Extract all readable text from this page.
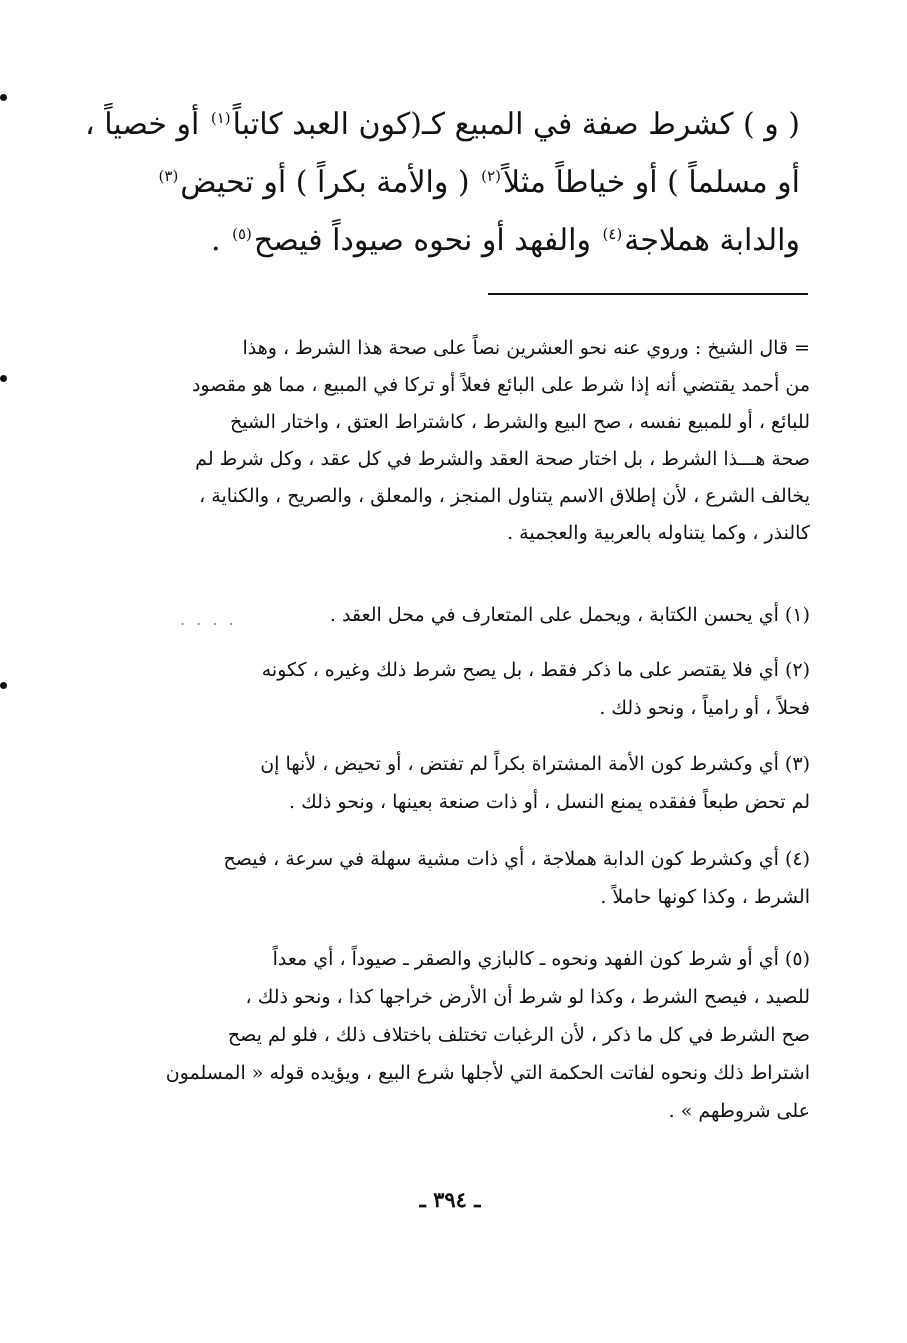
( و ) كشرط صفة في المبيع كـ(كون العبد كاتباً$^{(١)}$ أو خصياً ،
أو مسلماً ) أو خياطاً مثلاً$^{(٢)}$ ( والأمة بكراً ) أو تحيض$^{(٣)}$
والدابة هملاجة$^{(٤)}$ والفهد أو نحوه صيوداً فيصح$^{(٥)}$ .
= قال الشيخ : وروي عنه نحو العشرين نصاً على صحة هذا الشرط ، وهذا
من أحمد يقتضي أنه إذا شرط على البائع فعلاً أو تركا في المبيع ، مما هو مقصود
للبائع ، أو للمبيع نفسه ، صح البيع والشرط ، كاشتراط العتق ، واختار الشيخ
صحة هـــذا الشرط ، بل اختار صحة العقد والشرط في كل عقد ، وكل شرط لم
يخالف الشرع ، لأن إطلاق الاسم يتناول المنجز ، والمعلق ، والصريح ، والكناية ،
كالنذر ، وكما يتناوله بالعربية والعجمية .
(١) أي يحسن الكتابة ، ويحمل على المتعارف في محل العقد .
. . . .
(٢) أي فلا يقتصر على ما ذكر فقط ، بل يصح شرط ذلك وغيره ، ككونه
فحلاً ، أو رامياً ، ونحو ذلك .
(٣) أي وكشرط كون الأمة المشتراة بكراً لم تفتض ، أو تحيض ، لأنها إن
لم تحض طبعاً ففقده يمنع النسل ، أو ذات صنعة بعينها ، ونحو ذلك .
(٤) أي وكشرط كون الدابة هملاجة ، أي ذات مشية سهلة في سرعة ، فيصح
الشرط ، وكذا كونها حاملاً .
(٥) أي أو شرط كون الفهد ونحوه ـ كالبازي والصقر ـ صيوداً ، أي معداً
للصيد ، فيصح الشرط ، وكذا لو شرط أن الأرض خراجها كذا ، ونحو ذلك ،
صح الشرط في كل ما ذكر ، لأن الرغبات تختلف باختلاف ذلك ، فلو لم يصح
اشتراط ذلك ونحوه لفاتت الحكمة التي لأجلها شرع البيع ، ويؤيده قوله « المسلمون
على شروطهم » .
ـ ٣٩٤ ـ
